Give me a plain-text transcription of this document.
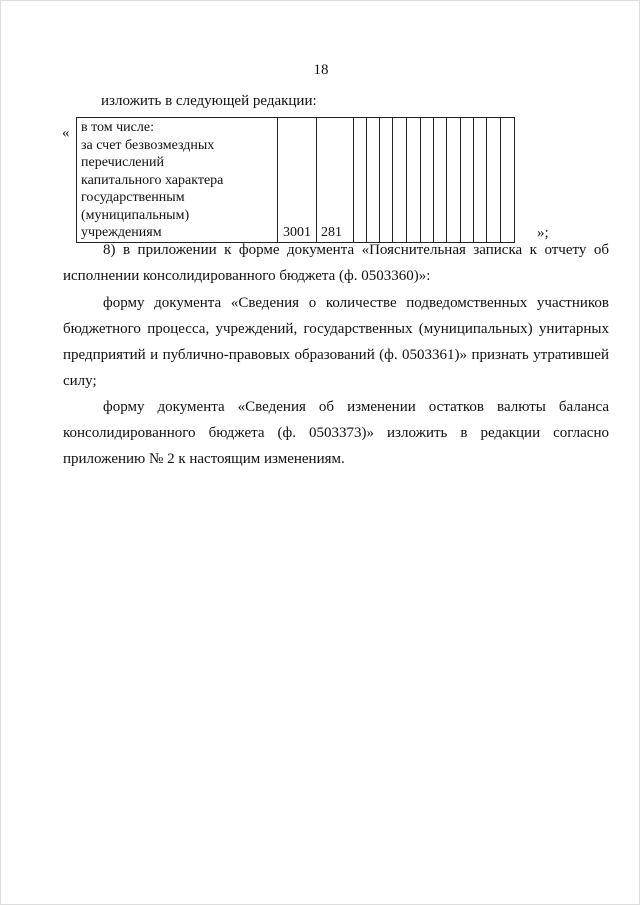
18
изложить в следующей редакции:
« в том числе:
за счет безвозмездных
перечислений
капитального характера
государственным
(муниципальным)
учреждениям	3001	281													»;
8) в приложении к форме документа «Пояснительная записка к отчету об
исполнении консолидированного бюджета (ф. 0503360)»:
форму документа «Сведения о количестве подведомственных участников
бюджетного процесса, учреждений, государственных (муниципальных) унитарных
предприятий и публично-правовых образований (ф. 0503361)» признать утратившей
силу;
форму документа «Сведения об изменении остатков валюты баланса
консолидированного бюджета (ф. 0503373)» изложить в редакции согласно
приложению № 2 к настоящим изменениям.
